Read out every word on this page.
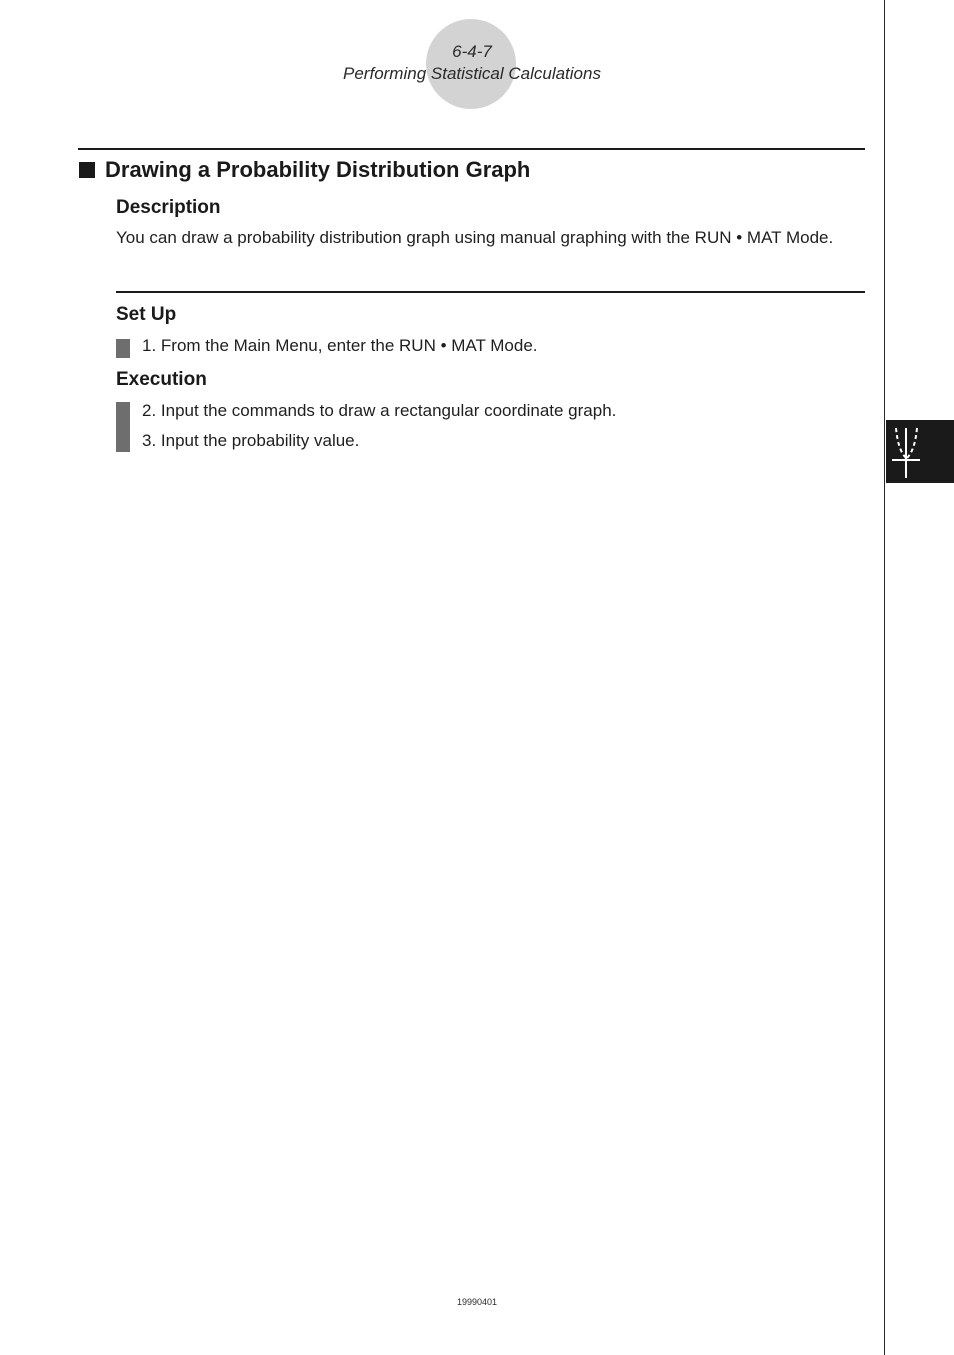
6-4-7
Performing Statistical Calculations
Drawing a Probability Distribution Graph
Description
You can draw a probability distribution graph using manual graphing with the RUN • MAT Mode.
Set Up
1. From the Main Menu, enter the RUN • MAT Mode.
Execution
2. Input the commands to draw a rectangular coordinate graph.
3. Input the probability value.
19990401
